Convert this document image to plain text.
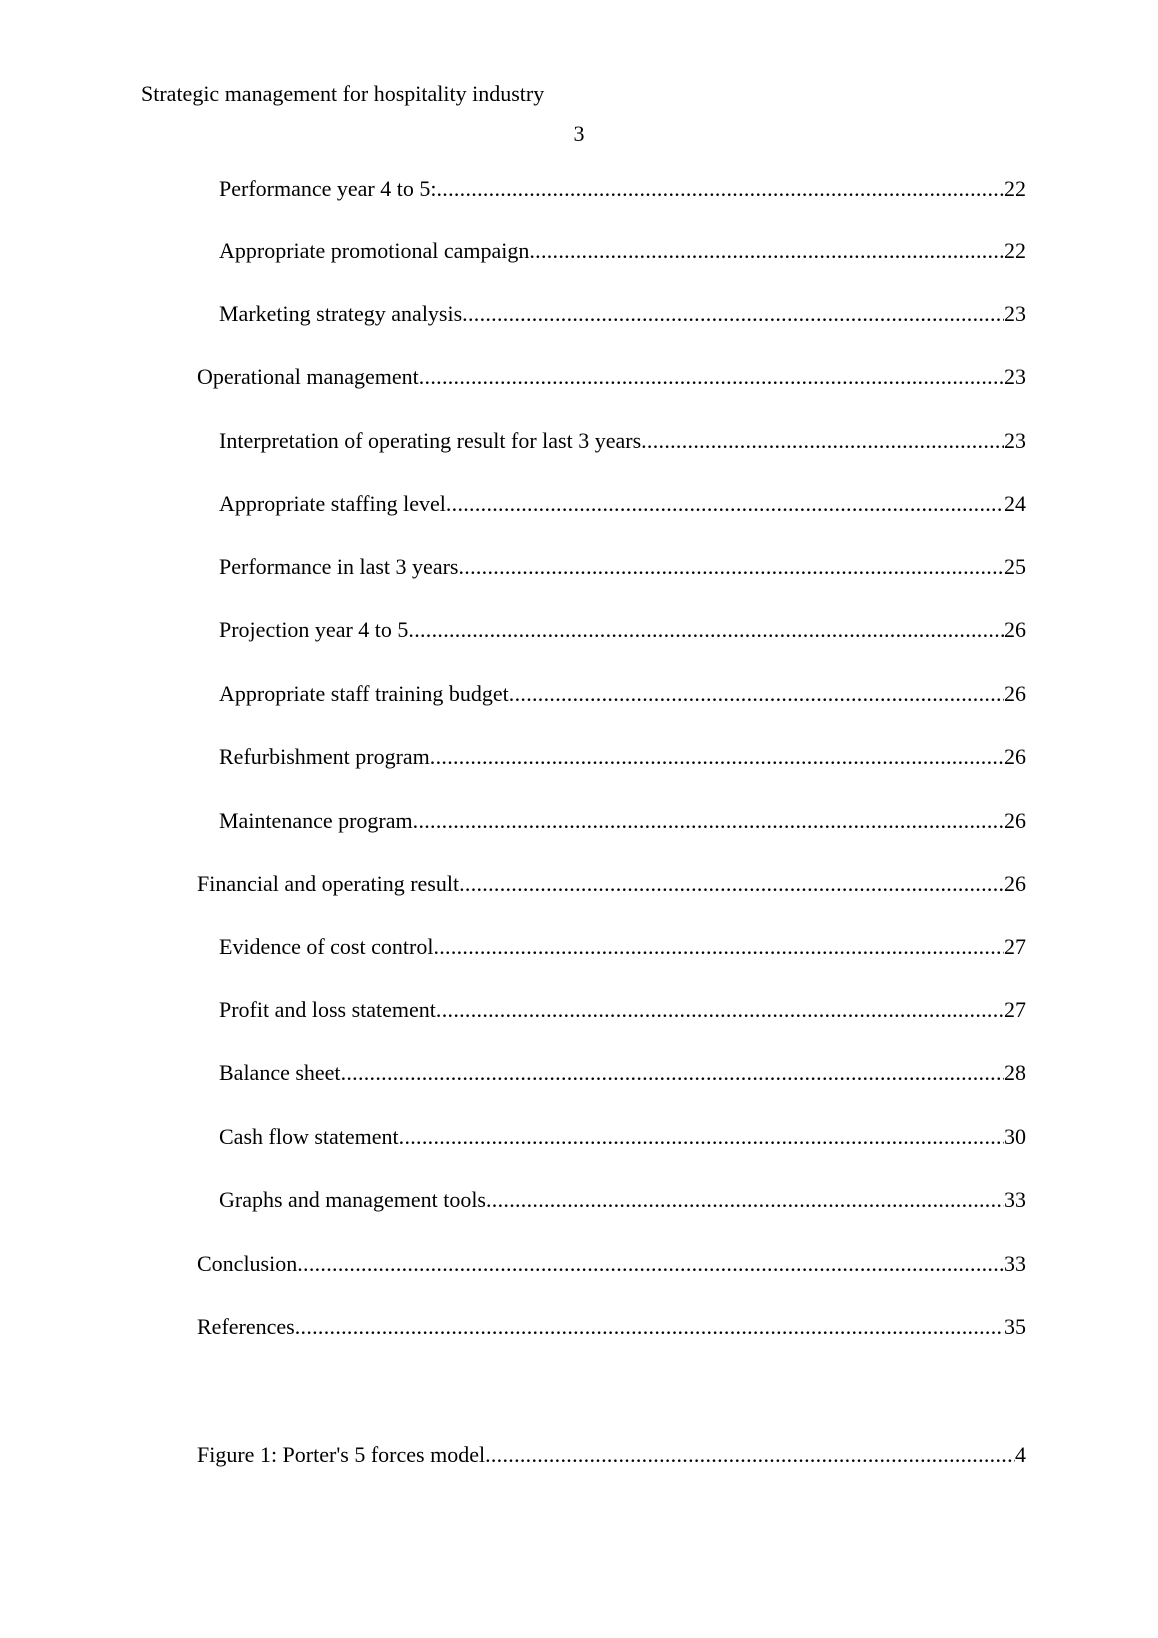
Strategic management for hospitality industry
3
Performance year 4 to 5: .....	22
Appropriate promotional campaign .....	22
Marketing strategy analysis .....	23
Operational management .....	23
Interpretation of operating result for last 3 years .....	23
Appropriate staffing level .....	24
Performance in last 3 years .....	25
Projection year 4 to 5 .....	26
Appropriate staff training budget .....	26
Refurbishment program .....	26
Maintenance program .....	26
Financial and operating result .....	26
Evidence of cost control .....	27
Profit and loss statement .....	27
Balance sheet .....	28
Cash flow statement .....	30
Graphs and management tools .....	33
Conclusion .....	33
References .....	35
Figure 1: Porter's 5 forces model .....	4
